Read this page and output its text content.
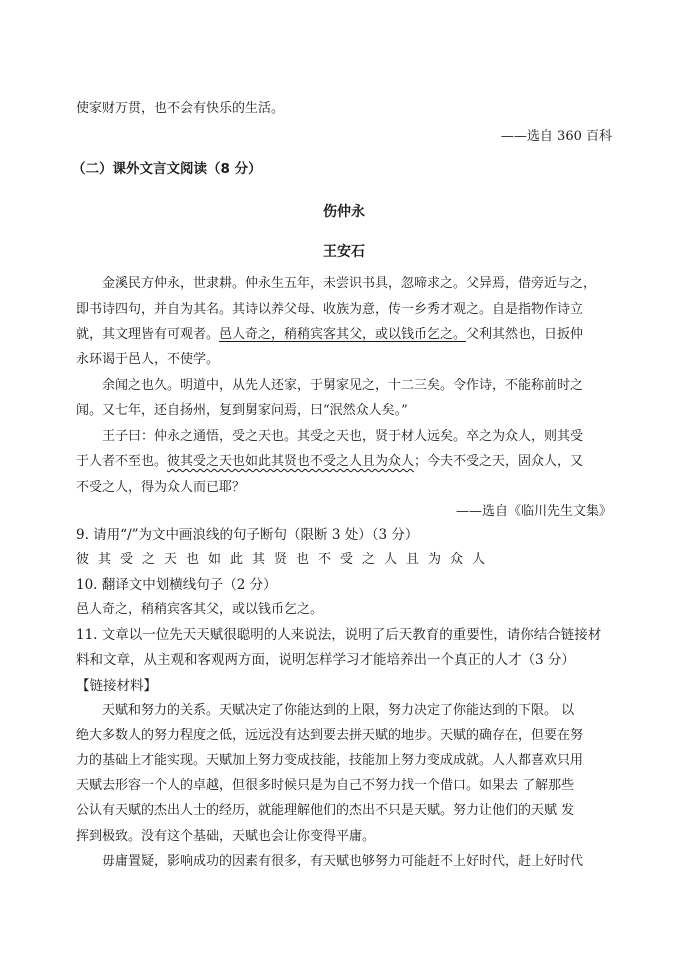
使家财万贯，也不会有快乐的生活。
——选自 360 百科
（二）课外文言文阅读（8 分）
伤仲永
王安石
金溪民方仲永，世隶耕。仲永生五年，未尝识书具，忽啼求之。父异焉，借旁近与之，
即书诗四句，并自为其名。其诗以养父母、收族为意，传一乡秀才观之。自是指物作诗立
就，其文理皆有可观者。邑人奇之，稍稍宾客其父，或以钱币乞之。父利其然也，日扳仲
永环谒于邑人，不使学。
余闻之也久。明道中，从先人还家，于舅家见之，十二三矣。令作诗，不能称前时之
闻。又七年，还自扬州，复到舅家问焉，曰“泯然众人矣。”
王子曰：仲永之通悟，受之天也。其受之天也，贤于材人远矣。卒之为众人，则其受
于人者不至也。彼其受之天也如此其贤也不受之人且为众人；今夫不受之天，固众人，又
不受之人，得为众人而已耶？
——选自《临川先生文集》
9. 请用“/”为文中画浪线的句子断句（限断 3 处）（3 分）
彼其受之天也如此其贤也不受之人且为众人
10. 翻译文中划横线句子（2 分）
邑人奇之，稍稍宾客其父，或以钱币乞之。
11. 文章以一位先天天赋很聪明的人来说法，说明了后天教育的重要性，请你结合链接材
料和文章，从主观和客观两方面，说明怎样学习才能培养出一个真正的人才（3 分）
【链接材料】
天赋和努力的关系。天赋决定了你能达到的上限，努力决定了你能达到的下限。 以
绝大多数人的努力程度之低，远远没有达到要去拼天赋的地步。天赋的确存在，但要在努
力的基础上才能实现。天赋加上努力变成技能，技能加上努力变成成就。人人都喜欢只用
天赋去形容一个人的卓越，但很多时候只是为自己不努力找一个借口。如果去 了解那些
公认有天赋的杰出人士的经历，就能理解他们的杰出不只是天赋。努力让他们的天赋 发
挥到极致。没有这个基础，天赋也会让你变得平庸。
毋庸置疑，影响成功的因素有很多，有天赋也够努力可能赶不上好时代，赶上好时代
